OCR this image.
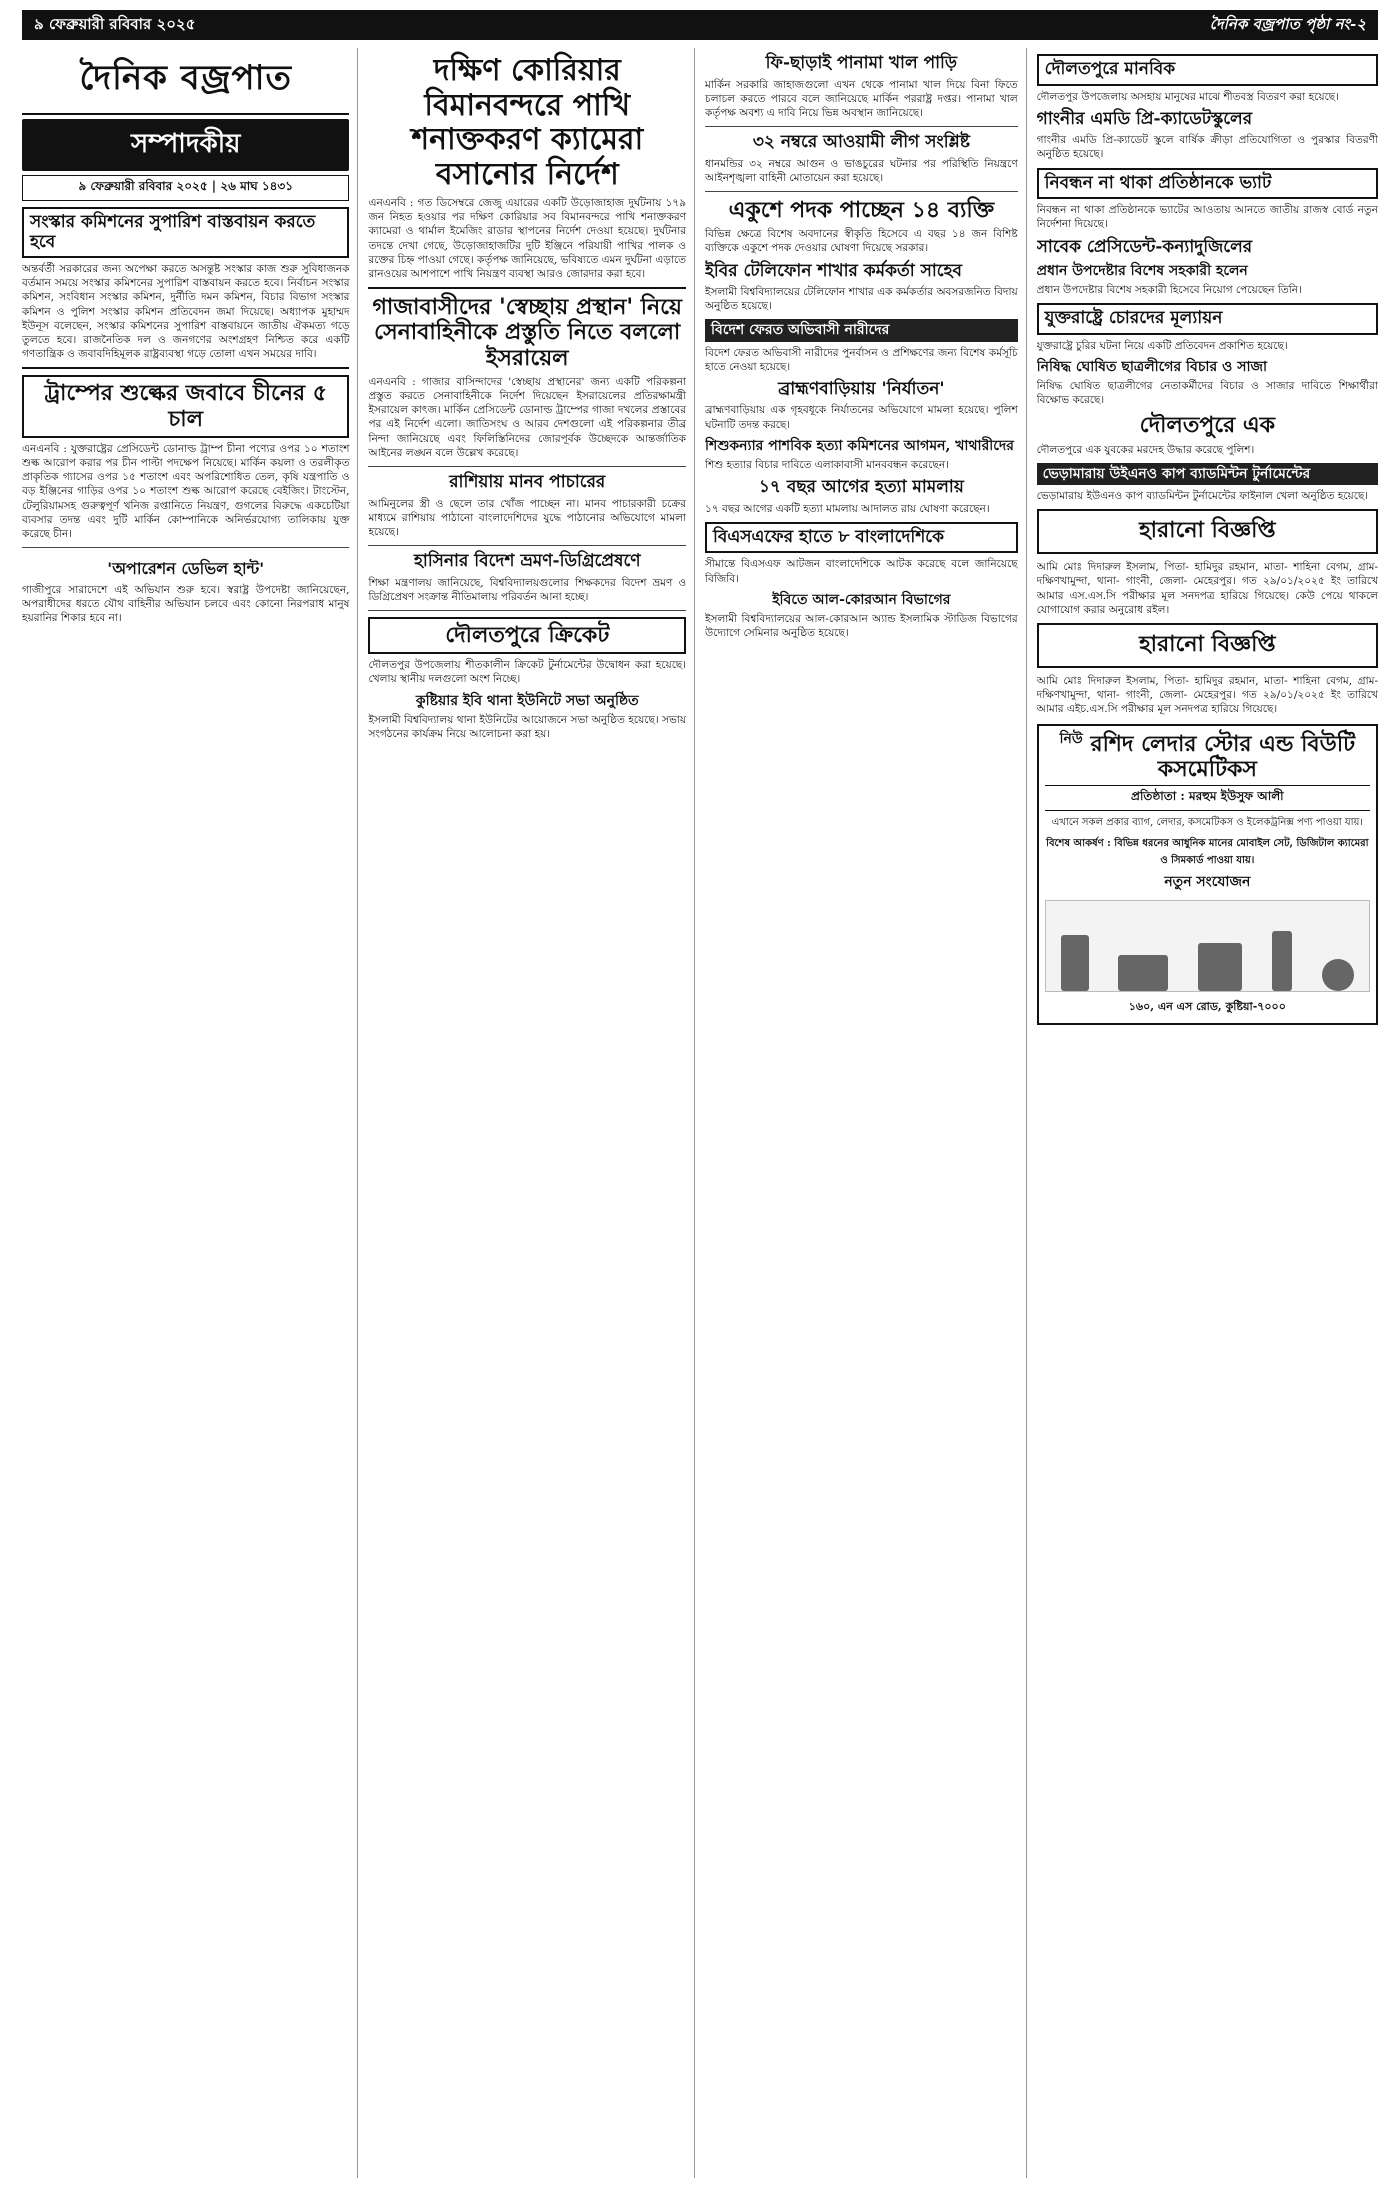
৯ ফেব্রুয়ারী রবিবার ২০২৫	দৈনিক বজ্রপাত পৃষ্ঠা নং-২
দৈনিক বজ্রপাত
সম্পাদকীয়
৯ ফেব্রুয়ারী রবিবার ২০২৫ | ২৬ মাঘ ১৪৩১
সংস্কার কমিশনের সুপারিশ বাস্তবায়ন করতে হবে

অন্তর্বর্তী সরকারের জন্য অপেক্ষা করতে অসন্তুষ্ট সংস্কার কাজ শুরু সুবিধাজনক বর্তমান সময়ে সংস্কার কমিশনের সুপারিশ বাস্তবায়ন করতে হবে। নির্বাচন সংস্কার কমিশন, সংবিধান সংস্কার কমিশন, দুর্নীতি দমন কমিশন, বিচার বিভাগ সংস্কার কমিশন ও পুলিশ সংস্কার কমিশন প্রতিবেদন জমা দিয়েছে। অধ্যাপক মুহাম্মদ ইউনূস বলেছেন, সংস্কার কমিশনের সুপারিশ বাস্তবায়নে জাতীয় ঐকমত্য গড়ে তুলতে হবে। রাজনৈতিক দল ও জনগণের অংশগ্রহণ নিশ্চিত করে একটি গণতান্ত্রিক ও জবাবদিহিমূলক রাষ্ট্রব্যবস্থা গড়ে তোলা এখন সময়ের দাবি।

ট্রাম্পের শুল্কের জবাবে চীনের ৫ চাল

এনএনবি : যুক্তরাষ্ট্রের প্রেসিডেন্ট ডোনাল্ড ট্রাম্প চীনা পণ্যের ওপর ১০ শতাংশ শুল্ক আরোপ করার পর চীন পাল্টা পদক্ষেপ নিয়েছে। মার্কিন কয়লা ও তরলীকৃত প্রাকৃতিক গ্যাসের ওপর ১৫ শতাংশ এবং অপরিশোধিত তেল, কৃষি যন্ত্রপাতি ও বড় ইঞ্জিনের গাড়ির ওপর ১০ শতাংশ শুল্ক আরোপ করেছে বেইজিং। টাংস্টেন, টেলুরিয়ামসহ গুরুত্বপূর্ণ খনিজ রপ্তানিতে নিয়ন্ত্রণ, গুগলের বিরুদ্ধে একচেটিয়া ব্যবসার তদন্ত এবং দুটি মার্কিন কোম্পানিকে অনির্ভরযোগ্য তালিকায় যুক্ত করেছে চীন।

'অপারেশন ডেভিল হান্ট'

গাজীপুরে সারাদেশে এই অভিযান শুরু হবে। স্বরাষ্ট্র উপদেষ্টা জানিয়েছেন, অপরাধীদের ধরতে যৌথ বাহিনীর অভিযান চলবে এবং কোনো নিরপরাধ মানুষ হয়রানির শিকার হবে না।

দক্ষিণ কোরিয়ার বিমানবন্দরে পাখি শনাক্তকরণ ক্যামেরা বসানোর নির্দেশ

এনএনবি : গত ডিসেম্বরে জেজু এয়ারের একটি উড়োজাহাজ দুর্ঘটনায় ১৭৯ জন নিহত হওয়ার পর দক্ষিণ কোরিয়ার সব বিমানবন্দরে পাখি শনাক্তকরণ ক্যামেরা ও থার্মাল ইমেজিং রাডার স্থাপনের নির্দেশ দেওয়া হয়েছে। দুর্ঘটনার তদন্তে দেখা গেছে, উড়োজাহাজটির দুটি ইঞ্জিনে পরিযায়ী পাখির পালক ও রক্তের চিহ্ন পাওয়া গেছে। কর্তৃপক্ষ জানিয়েছে, ভবিষ্যতে এমন দুর্ঘটনা এড়াতে রানওয়ের আশপাশে পাখি নিয়ন্ত্রণ ব্যবস্থা আরও জোরদার করা হবে।

গাজাবাসীদের 'স্বেচ্ছায় প্রস্থান' নিয়ে সেনাবাহিনীকে প্রস্তুতি নিতে বললো ইসরায়েল

এনএনবি : গাজার বাসিন্দাদের 'স্বেচ্ছায় প্রস্থানের' জন্য একটি পরিকল্পনা প্রস্তুত করতে সেনাবাহিনীকে নির্দেশ দিয়েছেন ইসরায়েলের প্রতিরক্ষামন্ত্রী ইসরায়েল কাৎজ। মার্কিন প্রেসিডেন্ট ডোনাল্ড ট্রাম্পের গাজা দখলের প্রস্তাবের পর এই নির্দেশ এলো। জাতিসংঘ ও আরব দেশগুলো এই পরিকল্পনার তীব্র নিন্দা জানিয়েছে এবং ফিলিস্তিনিদের জোরপূর্বক উচ্ছেদকে আন্তর্জাতিক আইনের লঙ্ঘন বলে উল্লেখ করেছে।

রাশিয়ায় মানব পাচারের

আমিনুলের স্ত্রী ও ছেলে তার খোঁজ পাচ্ছেন না। মানব পাচারকারী চক্রের মাধ্যমে রাশিয়ায় পাঠানো বাংলাদেশিদের যুদ্ধে পাঠানোর অভিযোগে মামলা হয়েছে।

হাসিনার বিদেশ ভ্রমণ-ডিগ্রিপ্রেষণে

শিক্ষা মন্ত্রণালয় জানিয়েছে, বিশ্ববিদ্যালয়গুলোর শিক্ষকদের বিদেশ ভ্রমণ ও ডিগ্রিপ্রেষণ সংক্রান্ত নীতিমালায় পরিবর্তন আনা হচ্ছে।

দৌলতপুরে ক্রিকেট

দৌলতপুর উপজেলায় শীতকালীন ক্রিকেট টুর্নামেন্টের উদ্বোধন করা হয়েছে। খেলায় স্থানীয় দলগুলো অংশ নিচ্ছে।

কুষ্টিয়ার ইবি থানা ইউনিটে সভা অনুষ্ঠিত

ইসলামী বিশ্ববিদ্যালয় থানা ইউনিটের আয়োজনে সভা অনুষ্ঠিত হয়েছে। সভায় সংগঠনের কার্যক্রম নিয়ে আলোচনা করা হয়।

ফি-ছাড়াই পানামা খাল পাড়ি

মার্কিন সরকারি জাহাজগুলো এখন থেকে পানামা খাল দিয়ে বিনা ফিতে চলাচল করতে পারবে বলে জানিয়েছে মার্কিন পররাষ্ট্র দপ্তর। পানামা খাল কর্তৃপক্ষ অবশ্য এ দাবি নিয়ে ভিন্ন অবস্থান জানিয়েছে।

৩২ নম্বরে আওয়ামী লীগ সংশ্লিষ্ট

ধানমন্ডির ৩২ নম্বরে আগুন ও ভাঙচুরের ঘটনার পর পরিস্থিতি নিয়ন্ত্রণে আইনশৃঙ্খলা বাহিনী মোতায়েন করা হয়েছে।

একুশে পদক পাচ্ছেন ১৪ ব্যক্তি

বিভিন্ন ক্ষেত্রে বিশেষ অবদানের স্বীকৃতি হিসেবে এ বছর ১৪ জন বিশিষ্ট ব্যক্তিকে একুশে পদক দেওয়ার ঘোষণা দিয়েছে সরকার।

ইবির টেলিফোন শাখার কর্মকর্তা সাহেব

ইসলামী বিশ্ববিদ্যালয়ের টেলিফোন শাখার এক কর্মকর্তার অবসরজনিত বিদায় অনুষ্ঠিত হয়েছে।

বিদেশ ফেরত অভিবাসী নারীদের

বিদেশ ফেরত অভিবাসী নারীদের পুনর্বাসন ও প্রশিক্ষণের জন্য বিশেষ কর্মসূচি হাতে নেওয়া হয়েছে।

ব্রাহ্মণবাড়িয়ায় 'নির্যাতন'

ব্রাহ্মণবাড়িয়ায় এক গৃহবধূকে নির্যাতনের অভিযোগে মামলা হয়েছে। পুলিশ ঘটনাটি তদন্ত করছে।

শিশুকন্যার পাশবিক হত্যা কমিশনের আগমন, খাথারীদের

শিশু হত্যার বিচার দাবিতে এলাকাবাসী মানববন্ধন করেছেন।

১৭ বছর আগের হত্যা মামলায়

১৭ বছর আগের একটি হত্যা মামলায় আদালত রায় ঘোষণা করেছেন।

বিএসএফের হাতে ৮ বাংলাদেশিকে

সীমান্তে বিএসএফ আটজন বাংলাদেশিকে আটক করেছে বলে জানিয়েছে বিজিবি।

ইবিতে আল-কোরআন বিভাগের

ইসলামী বিশ্ববিদ্যালয়ের আল-কোরআন অ্যান্ড ইসলামিক স্টাডিজ বিভাগের উদ্যোগে সেমিনার অনুষ্ঠিত হয়েছে।

দৌলতপুরে মানবিক

দৌলতপুর উপজেলায় অসহায় মানুষের মাঝে শীতবস্ত্র বিতরণ করা হয়েছে।

গাংনীর এমডি প্রি-ক্যাডেটস্কুলের

গাংনীর এমডি প্রি-ক্যাডেট স্কুলে বার্ষিক ক্রীড়া প্রতিযোগিতা ও পুরস্কার বিতরণী অনুষ্ঠিত হয়েছে।

নিবন্ধন না থাকা প্রতিষ্ঠানকে ভ্যাট

নিবন্ধন না থাকা প্রতিষ্ঠানকে ভ্যাটের আওতায় আনতে জাতীয় রাজস্ব বোর্ড নতুন নির্দেশনা দিয়েছে।

সাবেক প্রেসিডেন্ট-কন্যাদুজিলের
প্রধান উপদেষ্টার বিশেষ সহকারী হলেন

প্রধান উপদেষ্টার বিশেষ সহকারী হিসেবে নিয়োগ পেয়েছেন তিনি।

যুক্তরাষ্ট্রে চোরদের মূল্যায়ন

যুক্তরাষ্ট্রে চুরির ঘটনা নিয়ে একটি প্রতিবেদন প্রকাশিত হয়েছে।

নিষিদ্ধ ঘোষিত ছাত্রলীগের বিচার ও সাজা

নিষিদ্ধ ঘোষিত ছাত্রলীগের নেতাকর্মীদের বিচার ও সাজার দাবিতে শিক্ষার্থীরা বিক্ষোভ করেছে।

দৌলতপুরে এক

দৌলতপুরে এক যুবকের মরদেহ উদ্ধার করেছে পুলিশ।

ভেড়ামারায় উইএনও কাপ ব্যাডমিন্টন টুর্নামেন্টের

ভেড়ামারায় ইউএনও কাপ ব্যাডমিন্টন টুর্নামেন্টের ফাইনাল খেলা অনুষ্ঠিত হয়েছে।

হারানো বিজ্ঞপ্তি

আমি মোঃ দিদারুল ইসলাম, পিতা- হামিদুর রহমান, মাতা- শাহিনা বেগম, গ্রাম- দক্ষিণখামুন্দা, থানা- গাংনী, জেলা- মেহেরপুর। গত ২৯/০১/২০২৫ ইং তারিখে আমার এস.এস.সি পরীক্ষার মূল সনদপত্র হারিয়ে গিয়েছে। কেউ পেয়ে থাকলে যোগাযোগ করার অনুরোধ রইল।

হারানো বিজ্ঞপ্তি

আমি মোঃ দিদারুল ইসলাম, পিতা- হামিদুর রহমান, মাতা- শাহিনা বেগম, গ্রাম- দক্ষিণখামুন্দা, থানা- গাংনী, জেলা- মেহেরপুর। গত ২৯/০১/২০২৫ ইং তারিখে আমার এইচ.এস.সি পরীক্ষার মূল সনদপত্র হারিয়ে গিয়েছে।

$^{নিউ}$ রশিদ লেদার স্টোর এন্ড বিউটি কসমেটিকস
প্রতিষ্ঠাতা : মরহুম ইউসুফ আলী
এখানে সকল প্রকার ব্যাগ, লেদার, কসমেটিকস ও ইলেকট্রনিক্স পণ্য পাওয়া যায়।
বিশেষ আকর্ষণ : বিভিন্ন ধরনের আধুনিক মানের মোবাইল সেট, ডিজিটাল ক্যামেরা ও সিমকার্ড পাওয়া যায়।
নতুন সংযোজন
১৬০, এন এস রোড, কুষ্টিয়া-৭০০০
